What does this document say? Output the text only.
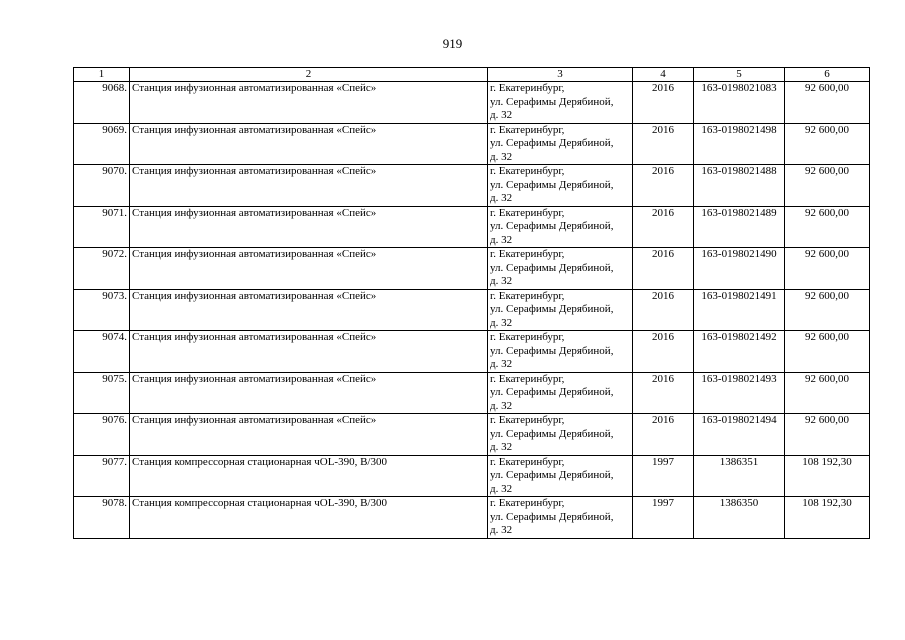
919
1	2	3	4	5	6
9068.	Станция инфузионная автоматизированная «Спейс»	г. Екатеринбург,
ул. Серафимы Дерябиной,
д. 32	2016	163-0198021083	92 600,00
9069.	Станция инфузионная автоматизированная «Спейс»	г. Екатеринбург,
ул. Серафимы Дерябиной,
д. 32	2016	163-0198021498	92 600,00
9070.	Станция инфузионная автоматизированная «Спейс»	г. Екатеринбург,
ул. Серафимы Дерябиной,
д. 32	2016	163-0198021488	92 600,00
9071.	Станция инфузионная автоматизированная «Спейс»	г. Екатеринбург,
ул. Серафимы Дерябиной,
д. 32	2016	163-0198021489	92 600,00
9072.	Станция инфузионная автоматизированная «Спейс»	г. Екатеринбург,
ул. Серафимы Дерябиной,
д. 32	2016	163-0198021490	92 600,00
9073.	Станция инфузионная автоматизированная «Спейс»	г. Екатеринбург,
ул. Серафимы Дерябиной,
д. 32	2016	163-0198021491	92 600,00
9074.	Станция инфузионная автоматизированная «Спейс»	г. Екатеринбург,
ул. Серафимы Дерябиной,
д. 32	2016	163-0198021492	92 600,00
9075.	Станция инфузионная автоматизированная «Спейс»	г. Екатеринбург,
ул. Серафимы Дерябиной,
д. 32	2016	163-0198021493	92 600,00
9076.	Станция инфузионная автоматизированная «Спейс»	г. Екатеринбург,
ул. Серафимы Дерябиной,
д. 32	2016	163-0198021494	92 600,00
9077.	Станция компрессорная стационарная чOL-390, B/300	г. Екатеринбург,
ул. Серафимы Дерябиной,
д. 32	1997	1386351	108 192,30
9078.	Станция компрессорная стационарная чOL-390, B/300	г. Екатеринбург,
ул. Серафимы Дерябиной,
д. 32	1997	1386350	108 192,30
